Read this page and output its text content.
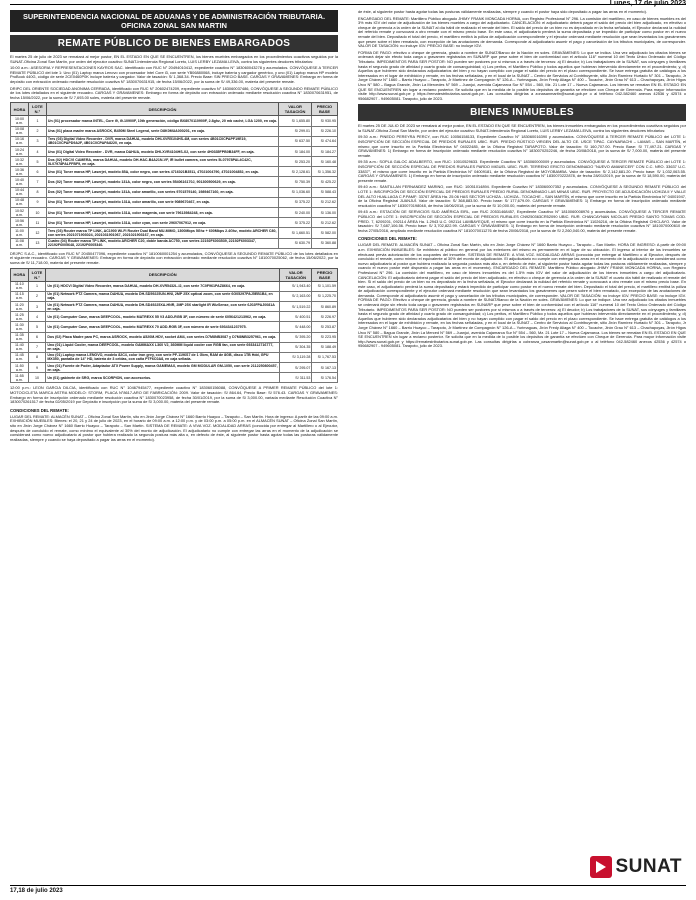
Lunes, 17 de julio 2023
SUPERINTENDENCIA NACIONAL DE ADUANAS Y DE ADMINISTRACIÓN TRIBUTARIA. OFICINA ZONAL SAN MARTIN
REMATE PÚBLICO DE BIENES EMBARGADOS

El martes 25 de julio de 2023 se rematará al mejor postor, EN EL ESTADO EN QUE SE ENCUENTREN, los bienes muebles embargados en los procedimientos coactivos seguidos por la SUNAT-Oficina Zonal San Martín, por orden del ejecutor coactivo SUNAT-Intendencia Regional Loreto, LUIS LERBY LEZAMA LEIVA, contra los siguientes deudores tributarios:

10:00 a.m.: ASESORIA Y REPRESENTACIONES KAYROS SAC. identificado con RUC N° 20494010412, expediente coactivo N° 183060043278 y acumulados. CONVÓQUESE A TERCER REMATE PÚBLICO del lote 1: Uno (01) Laptop marca Lenovo con procesador Intel Core i3, con serie YB06880068, incluye batería y cargador genérico, y uno (01) Laptop marca HP modelo ProBook 440G, código de serie 2CE0460P0K incluye batería y cargador. Valor de tasación: S/ 1,368.34. Precio Base: SIN PRECIO BASE. CARGAS Y GRAVAMENES: Embargo en forma de depósito con extracción ordenado mediante resolución coactiva N° 1830070631915, de fecha 15/06/2022, por la suma de S/ 49,336.00, materia del presente remate.

DRIPC DEL ORIENTE SOCIEDAD ANONIMA CERRADA, identificado con RUC N° 20602474209, expediente coactivo N° 183060037486, CONVÓQUESE A SEGUNDO REMATE PÚBLICO de los lotes detallados en el siguiente recuadro. CARGAS Y GRAVAMENES: Embargo en forma de depósito con extracción ordenado mediante resolución coactiva N° 1830070631951, de fecha 15/06/2022, por la suma de S/ 7,693.00 soles, materia del presente remate.

HORA	LOTE N.°	DESCRIPCIÓN	VALOR TASACIÓN	PRECIO BASE
10:00 a.m.	1	Un (01) procesador marca INTEL, Core i9, i9-10900F, 10th generación, código BX8070110900F, 2.8ghz, 20 mb caché, LGA 1200, en caja.	S/ 1,655.80	S/ 930.95
10:08 a.m.	2	Una (01) placa madre marca ASROCK, B450M Steel Legend, serie D8K0MUA000201, en caja.	S/ 299.01	S/ 226.10
10:16 a.m.	3	Tres (03) Digital Video Recorder - DVR, marca DAHUA, modelo DHI-XVR5104HS-4M, con series 4B01C0CPAPF19E19, 4B01C0CPAPD9A2F, 4B01C0CPAPA8220, en caja.	S/ 637.50	S/ 474.64
10:24 a.m.	4	Uno (01) Digital Video Recorder - DVR, marca DAHUA, modelo DHI-XVR4104HS-X2, con serie 4H0335FPB0B34FF, en caja.	S/ 184.00	S/ 184.27
10:32 a.m.	5	Dos (02) HDCVI CAMERA, marca DAHUA, modelo DH-HAC-B4A21N-VF, IR bullet camera, con series 5L07978PAL4C42C, 5L07978PALFFBF9, en caja.	S/ 253.20	S/ 160.48
10:36 a.m.	6	Uno (01) Toner marca HP, Laserjet, modelo 85A, color negro, con series 4716021B3511, 4T021004790, 4T021004852, en caja.	S/ 2,128.61	S/ 1,356.32
10:40 a.m.	7	Dos (02) Toner marca HP, Laserjet, modelo 131A, color negro, con series 5540616170J, 901300500629, en caja.	S/ 750.39	S/ 425.22
10:44 a.m.	8	Dos (02) Toner marca HP, Laserjet, modelo 131A, color amarillo, con series 9701579140, 1989467160, en caja.	S/ 1,036.60	S/ 588.43
10:48 a.m.	9	Uno (01) Toner marca HP, Laserjet, modelo 131A, color amarillo, con serie 9089670467, en caja.	S/ 375.22	S/ 212.62
10:52 a.m.	10	Uno (01) Toner marca HP, Laserjet, modelo 131A, color magenta, con serie 79613984248, en caja.	S/ 240.00	S/ 136.00
10:56 a.m.	11	Uno (01) Toner marca HP, Laserjet, modelo 131A, color cyan, con serie 29607067912, en caja.	S/ 375.22	S/ 212.62
11:00 a.m.	12	Tres (03) Router marca TP LINK, AC1900 Wi-Fi Router Dual Band MU-MIMO, 1300Mbps 5Ghz + 600Mbps 2.4Ghz, modelo ARCHER C80, con series 2021071903024, 2021031901067, 2021021903167, en caja.	S/ 1,660.51	S/ 582.00
11:08 a.m.	13	Cuatro (04) Router marca TP LINK, modelo ARCHER C20, doble banda AC750, con series 22192F6003539, 22192F6003347, 22192F6005648, 22192F6005340.	S/ 630.79	S/ 360.88

DRJPC S.A.C., identificado con RUC N° 20450477096, expediente coactivo N° 1810060001254 y acumulados, CONVÓQUESE A SEGUNDO REMATE PÚBLICO de los lotes detallados en el siguiente recuadro. CARGAS Y GRAVAMENES: Embargo en forma de depósito con extracción ordenado mediante resolución coactiva N° 1810070025062, de fecha 15/06/2022, por la suma de S/ 11,718.00, materia del presente remate.

HORA	LOTE N.°	DESCRIPCIÓN	VALOR TASACIÓN	PRECIO BASE
11:10 a.m.	1	Un (01) HDCVI Digital Video Recorder, marca DAHUA, modelo DH-XVR5432L-I2, con serie 7C0F961PAZ8664, en caja.	S/ 1,943.40	S/ 1,101.59
11:15 a.m.	2	Un (01) Network PTZ Camera, marca DAHUA, modelo DH-SD59225UN-HNI, 2MP 25X optical zoom, con serie 6G05297PAJ5EB1B4, en caja.	S/ 2,163.00	S/ 1,225.70
11:20 a.m.	3	Un (01) Network PTZ Camera, marca DAHUA, modelo DH-SD49225XA-HNR, 2MP 25X starlight IR WizSense, con serie 6J02FPAJ0081A en caja.	S/ 1,519.22	S/ 860.89
11:25 a.m.	4	Un (01) Computer Case, marca DEEPCOOL, modelo MATREXX 55 V3 ADD-RGB 3F, con número de serie 6056421213962, en caja.	S/ 400.51	S/ 226.97
11:30 a.m.	5	Un (01) Computer Case, marca DEEPCOOL, modelo MATREXX 70 ADD-RGB 3F, con número de serie 6934341237975.	S/ 448.00	S/ 253.87
11:35 a.m.	6	Dos (02) Placa Madre para PC, marca ASROCK, modelo A520M-HDV, socket AM4, con series D7M8NB3087 y D7M8NB3257961, en caja.	S/ 395.20	S/ 223.95
11:40 a.m.	7	Uno (01) Liquid Cooler, marca DEEPCOOL, modelo GAMMAXX L360 V2, 360MM liquid cooler con RGB fan, con serie 6933412716777, en caja.	S/ 304.35	S/ 188.49
11:45 a.m.	8	Uno (01) Laptop marca LENOVO, modelo 82C4, color iron grey, con serie PF-1196S7 de 1 Gbm, RAM de 8GB, disco 1TB Hdd, GPU MX350, pantalla de 14" HD, batería de 3 celdas, con caña PTF6C0A8, en caja sellada.	S/ 3,119.28	S/ 1,767.53
11:50 a.m.	9	Uno (01) Fuente de Poder, Adaptador ATX Power Supply, marca GAMEMAX, modelo GM MODULAR GM-1050, con serie 2112250800457, en caja.	S/ 295.07	S/ 167.13
11:55 a.m.	10	Un (01) gabinete de SRG, marca SCORPION, con accesorios.	S/ 311.53	S/ 176.54

12:00 p.m.: LEON GARCIA DILCIA, identificado con RUC N° 10467945477, expediente coactivo N° 183060156088, CONVÓQUESE A PRIMER REMATE PÚBLICO del lote 1: MOTOCICLETA MARCA ASTRA MODELO: STORM, PLACA N°8617-ARO DE FABRICACIÓN: 2009. Valor de tasación: S/ 864.64, Precio Base: S/ 576.43. CARGAS Y GRAVAMENES: Embargo en forma de inscripción ordenado mediante resolución coactiva N° 1830070023958, de fecha 30/01/2019, por la suma de S/ 3,000.00, variada mediante Resolución Coactiva N° 1830070261517 de fecha 02/05/2019 por Depósito e inscripción por la suma de S/ 3,000.00, materia del presente remate.

CONDICIONES DEL REMATE:

LUGAR DEL REMATE: ALMACÉN SUNAT – Oficina Zonal San Martín, sito en Jirón Jorge Chávez N° 1660 Barrio Huayco – Tarapoto – San Martín. Hora de ingreso: A partir de las 09:00 a.m. EXHIBICIÓN MUEBLES: Bienes: el 20, 21 y 24 de julio de 2023, en el horario de 09:00 a.m. a 12:00 p.m. y de 03:00 p.m. a 05:00 p.m. en el ALMACÉN SUNAT – Oficina Zonal San Martín, sito en Jirón Jorge Chávez N° 1660 Barrio Huayco – Tarapoto – San Martín. SISTEMA DE REMATE: A VIVA VOZ. MODALIDAD ARRAS (conocida por entregar al Martillero o al Ejecutor, después de concluido el remate, como mínimo el equivalente al 30% del monto de adjudicación. El adjudicatario no cumple con entregar las arras en el momento de la adjudicación se considerará como nuevo adjudicatario al postor que hubiera realizado la segunda postura más alta o, en defecto de éste, al siguiente postor hasta agotar todas las posturas válidamente realizadas, siempre y cuando se haya depositado a pagar las arras en el momento).

de éste, al siguiente postor hasta agotar todas las posturas válidamente realizadas, siempre y cuando el postor haya sido depositado a pagar las arras en el momento).

ENCARGADO DEL REMATE: Martillero Público abogado JHIMY FRANK MONCADA HORNA, con Registro Profesional N° 296. La comisión del martillero, en caso de bienes muebles es del 3% más IGV del valor de adjudicación de los bienes muebles a cargo del adjudicatario. CANCELACIÓN: el adjudicatario deberá pagar el saldo del precio del bien adjudicado, en efectivo o cheque de gerencia a la orden de la SUNAT al día hábil de realizado el remate del bien. El saldo del precio de un bien no es depositado en la fecha señalada, el Ejecutor declarará la nulidad del referido remate y convocará a otro remate con el mismo precio base. En este caso, el adjudicatario perderá la suma depositada y se impedido de participar como postor en el nuevo remate del bien. Depositado el total del precio, el martillero emitirá la póliza de adjudicación correspondiente y el ejecutor ordenará mediante resolución que sean levantados los gravámenes que pesen sobre el bien rematado, con excepción de las anotaciones de demanda. Corresponde al adjudicatario asumir el pago y cancelación de los tributos municipales, de corresponder. VALOR DE TASACIÓN: no incluye IGV. PRECIO BASE: no incluye IGV.

FORMA DE PAGO: efectivo o cheque de gerencia, girado a nombre de SUNAT/Banco de la Nación en soles. GRAVÁMENES: Lo que se indica. Una vez adjudicado los citados bienes se ordenará dejar sin efecto toda carga o gravamen registrados en SUNARP que pese sobre el bien de conformidad con el artículo 116° numeral 10 del Texto Único Ordenado del Código Tributario. IMPEDIMENTOS PARA SER POSTOR: NO pueden ser postores por sí mismos o a través de terceros: a) El deudor; b) Los trabajadores de la SUNAT, sus cónyuges y familiares hasta el segundo grado de afinidad y cuarto grado de consanguinidad; c) Los peritos, el Martillero Público y todos aquellos que hubieran intervenido directamente en el procedimiento; y, d) Aquellos que hubieren sido declarados adjudicatarios del bien y no hayan cumplido con pagar el saldo del precio en el plazo correspondiente. Se hace entrega gratuita de catálogos a los interesados en el lugar de exhibición y remate, en los fechas señaladas, y en el local de la SUNAT – Centro de Servicios al Contribuyente, sitio Jirón Ramírez Hurtado N° 301 – Tarapoto, Jr Jorge Chávez N° 1660 – Barrio Huayco – Tarapoto, Jr Martínez de Compagnón N° 126-A – Yurimaguas, Jirón Fredy Aliaga N° 400 – Tocache, Jirón Grau N° 613 – Chachapoyas, Jirón Higos Urco N° 580 – Bagua Grande, Jirón La Mercedes N° 569 – Juanjuí, avenida Cajamarca Sur N° 554 – 560, Mz. 21 Lote 17 – Nueva Cajamarca. Los bienes se rematan EN EL ESTADO EN QUE SE ENCUENTREN sin lugar a reclamo posterior. Se solicita que en la medida de lo posible los depósitos de garantía se efectúen con Cheque de Gerencia. Para mayor información visite http://www.sunat.gob.pe y https://rematestributarios.sunat.gob.pe. Las consultas dirigirlas a zonasanmartin@sunat.gob.pe o al teléfono 042-582460 anexos 42536 y 42574 o 956682907 - 949605081. Tarapoto, julio de 2023.

BIENES INMUEBLES

El martes 25 DE JULIO DE 2023 se rematará al mejor postor, EN EL ESTADO EN QUE SE ENCUENTREN, los bienes inmuebles embargados en los procedimientos coactivos seguidos por la SUNAT-Oficina Zonal San Martín, por orden del ejecutor coactivo SUNAT-Intendencia Regional Loreto, LUIS LERBY LEZAMA LEIVA, contra los siguientes deudores tributarios:

09:30 a.m.: PINEDO PEREYRA PERCY, con RUC 10056158133, Expediente Coactivo N° 183060016390 y acumulados. CONVÓQUESE A TERCER REMATE PÚBLICO del LOTE 1: INSCRIPCIÓN DE SECCIÓN ESPECIAL DE PREDIOS RURALES UBIC. RUR. PREDIO RÚSTICO VIRGEN DEL ALTO CE. USCE TIPAC. CAYNARACHI – LAMAS – SAN MARTÍN, el mismo que corre inscrito en la Partida Electrónica N° 04022485, de la Oficina Registral TARAPOTO. Valor de tasación: S/ 160,707.00. Precio Base: S/ 77,497.21. CARGAS Y GRAVÁMENES: 1) Embargo en forma de inscripción ordenado mediante resolución coactiva N° 1830070252246, de fecha 20/08/2018, por la suma de S/ 7,000.00, materia del presente remate.

09:35 a.m.: SOPLA GALOC ADALBERTO, con RUC: 10010529633. Expediente Coactivo N° 183060000009 y acumulados. CONVÓQUESE A TERCER REMATE PÚBLICO del LOTE 1: INSCRIPCIÓN DE SECCIÓN ESPECIAL DE PREDIOS RURALES PARDO MIGUEL UBIC. RUR. TERRENO ERICTO DENOMINADO "NUEVO AMANECER" CON C.C. NRO. 33637 U.C. 33837", el mismo que corre inscrito en la Partida Electrónica N° 04009181, de la Oficina Registral de MOYOBAMBA. Valor de tasación: S/ 2,142,681.20. Precio base: S/ 1,032,063.55. CARGAS Y GRAVÁMENES: 1) Embargo en forma de inscripción ordenado mediante resolución coactiva N° 1830070222878, de fecha 28/01/2019, por la suma de S/ 18,590.00, materia del presente remate.

09:40 a.m.: SANTILLAN FERNANDEZ MARINO, con RUC: 10051014894. Expediente Coactivo N° 183060007352 y acumulados. CONVÓQUESE A SEGUNDO REMATE PÚBLICO del LOTE 1: INSCRIPCIÓN DE SECCIÓN ESPECIAL DE PREDIOS RURALES PREDIO RURAL DENOMINADO LAS MINAS UBIC. RUR. PROYECTO DE ADJUDICACIÓN UCHIZA II Y VALLE DEL ALTO HUALLAGA C.P.PAMF: 33767 ÁREA Ha. 25.06 HAS SECTOR UCHIZA - UCHIZA - TOCACHE – SAN MARTÍN, el mismo que corre inscrito en la Partida Electrónica N° 04001947, de la Oficina Registral JUANJUÍ. Valor de tasación: S/ 368,883.50. Precio base: S/ 177,679.09. CARGAS Y GRAVÁMENES: 1) Embargo en forma de inscripción ordenado mediante resolución coactiva N° 1830070198048, de fecha 16/06/2018, por la suma de S/ 10,000.00, materia del presente remate.

09:45 a.m.: ESTACIÓN DE SERVICIOS SUD AMÉRICA EIRL, con RUC 20531468457, Expediente Coactivo N° 1810060008976 y acumulados. CONVÓQUESE A TERCER REMATE PÚBLICO del LOTE 1: INSCRIPCIÓN DE SECCIÓN ESPECIAL DE PREDIOS RURALES CN9250363CR52090 UBIC. RUR. CHANCAYNAN NICOLAS PREDIO SANTO TOMAS COD. PRED. 7, 6209201, 092114 ÁREA Ha. 1.2943 U.C. 092114 LAMBAYEQUE, el mismo que corre inscrito en la Partida Electrónica N° 11026216, de la Oficina Registral CHICLAYO. Valor de tasación: S/ 7,687,106.56. Precio base: S/ 3,702,822.99. CARGAS Y GRAVÁMENES: 1) Embargo en forma de inscripción ordenado mediante resolución coactiva N° 1810070000610 de fecha 27/05/2016, ampliado mediante resolución coactiva N° 1810070011276 de fecha 20/06/2018, por la suma de S/ 2,260,040.00, materia del presente remate.

CONDICIONES DEL REMATE:

LUGAR DEL REMATE: ALMACÉN SUNAT – Oficina Zonal San Martín, sito en Jirón Jorge Chávez N° 1660 Barrio Huayco – Tarapoto – San Martín. HORA DE INGRESO: A partir de 09:00 a.m. EXHIBICIÓN INMUEBLES: Se exhibirán al público en general por los exteriores del mismo es permanente en el lugar de su ubicación. El ingreso al interior de los inmuebles se efectuará previa autorización de los ocupantes del inmueble. SISTEMA DE REMATE: A VIVA VOZ. MODALIDAD ARRAS (conocida por entregar al Martillero o al Ejecutor, después de concluido el remate, como mínimo el equivalente al 30% del monto de adjudicación. El adjudicatario no cumple con entregar las arras en el momento de la adjudicación se considerará como nuevo adjudicatario al postor que hubiera realizado la segunda postura más alta o, en defecto de éste, al siguiente postor hasta agotar todas las posturas válidamente realizadas, siempre y cuando el nuevo postor esté dispuesto a pagar las arras en el momento). ENCARGADO DEL REMATE: Martillero Público abogado JHIMY FRANK MONCADA HORNA, con Registro Profesional N° 296. La comisión del martillero, en caso de bienes inmuebles es del 1.5% más IGV del valor de adjudicación de los bienes inmuebles a cargo del adjudicatario. CANCELACIÓN: El adjudicatario deberá pagar el saldo del precio del bien adjudicado, en efectivo o cheque de gerencia a la orden de la SUNAT el cuarto día hábil de realizado el remate del bien. Si el saldo del precio de un bien no es depositado en la fecha señalada, el Ejecutor declarará la nulidad del referido remate y convocará a otro remate con el mismo precio base. En este caso, el adjudicatario perderá la suma depositada y estará impedido de participar como postor en el nuevo remate del bien. Depositado el total del precio, el martillero emitirá la póliza de adjudicación correspondiente y el ejecutor ordenará mediante resolución que sean levantados los gravámenes que pesen sobre el bien rematado, con excepción de las anotaciones de demanda. Corresponde al adjudicatario asumir el pago y cancelación de los tributos municipales, de corresponder. VALOR DE TASACIÓN: no incluye IGV. PRECIO BASE: no incluye IGV. FORMA DE PAGO: Efectivo o cheque de gerencia, girado a nombre de SUNAT/Banco de la Nación en soles. GRAVÁMENES: Lo que se indique. Una vez adjudicado los citados inmuebles se ordenará dejar sin efecto toda carga o gravamen registrados en SUNARP que pese sobre el bien de conformidad con el artículo 116° numeral 10 del Texto Único Ordenado del Código Tributario. IMPEDIMENTOS PARA SER POSTOR: NO pueden ser postores por sí mismos o a través de terceros: a) El deudor; b) Los trabajadores de la SUNAT, sus cónyuges y familiares hasta el segundo grado de afinidad y cuarto grado de consanguinidad; c) Los peritos, el Martillero Público y todos aquellos que hubieran intervenido directamente en el procedimiento; y, d) Aquellos que hubieren sido declarados adjudicatarios del bien y no hayan cumplido con pagar el saldo del precio en el plazo correspondiente. Se hace entrega gratuita de catálogos a los interesados en el lugar de exhibición y remate, en los fechas señaladas, y en el local de la SUNAT – Centro de Servicios al Contribuyente, sitio Jirón Ramírez Hurtado N° 301 – Tarapoto, Jr Jorge Chávez N° 1660 – Barrio Huayco – Tarapoto, Jr Martínez de Compagnón N° 126-A – Yurimaguas, Jirón Fredy Aliaga N° 400 – Tocache, Jirón Grau N° 613 – Chachapoyas, Jirón Higos Urco N° 580 – Bagua Grande, Jirón La Merced N° 569 – Juanjuí, avenida Cajamarca Sur N° 554 – 560, Mz. 21 Lote 17 – Nueva Cajamarca. Los bienes se rematan EN EL ESTADO EN QUE SE ENCUENTREN sin lugar a reclamo posterior. Se solicita que en la medida de lo posible los depósitos de garantía se efectúen con Cheque de Gerencia. Para mayor información visite http://www.sunat.gob.pe y https://rematestributarios.sunat.gob.pe. Las consultas dirigirlas a cobranza_ozsanmartin@sunat.gob.pe o al teléfono 042-582460 anexos 42536 y 42574 o 956682907 - 949605081. Tarapoto, julio de 2023.

SUNAT
17,18 de julio 2023
